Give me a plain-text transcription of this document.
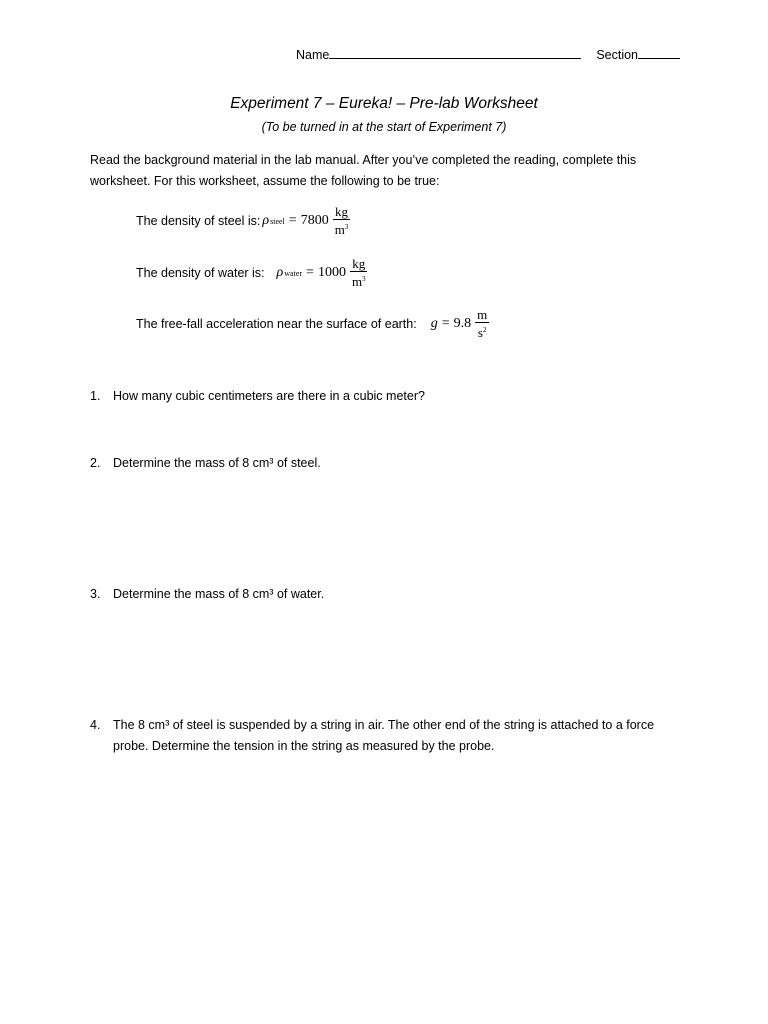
Name	Section
Experiment 7 – Eureka! – Pre-lab Worksheet
(To be turned in at the start of Experiment 7)
Read the background material in the lab manual. After you’ve completed the reading, complete this
worksheet. For this worksheet, assume the following to be true:
The density of steel is: ρ steel = $7800 \frac{kg}{m^3}$
The density of water is: ρ water = $1000 \frac{kg}{m^3}$
The free-fall acceleration near the surface of earth: $g = 9.8 \frac{m}{s^2}$
1.	How many cubic centimeters are there in a cubic meter?
2.	Determine the mass of 8 cm³ of steel.
3.	Determine the mass of 8 cm³ of water.
4.	The 8 cm³ of steel is suspended by a string in air. The other end of the string is attached to a force
probe. Determine the tension in the string as measured by the probe.
